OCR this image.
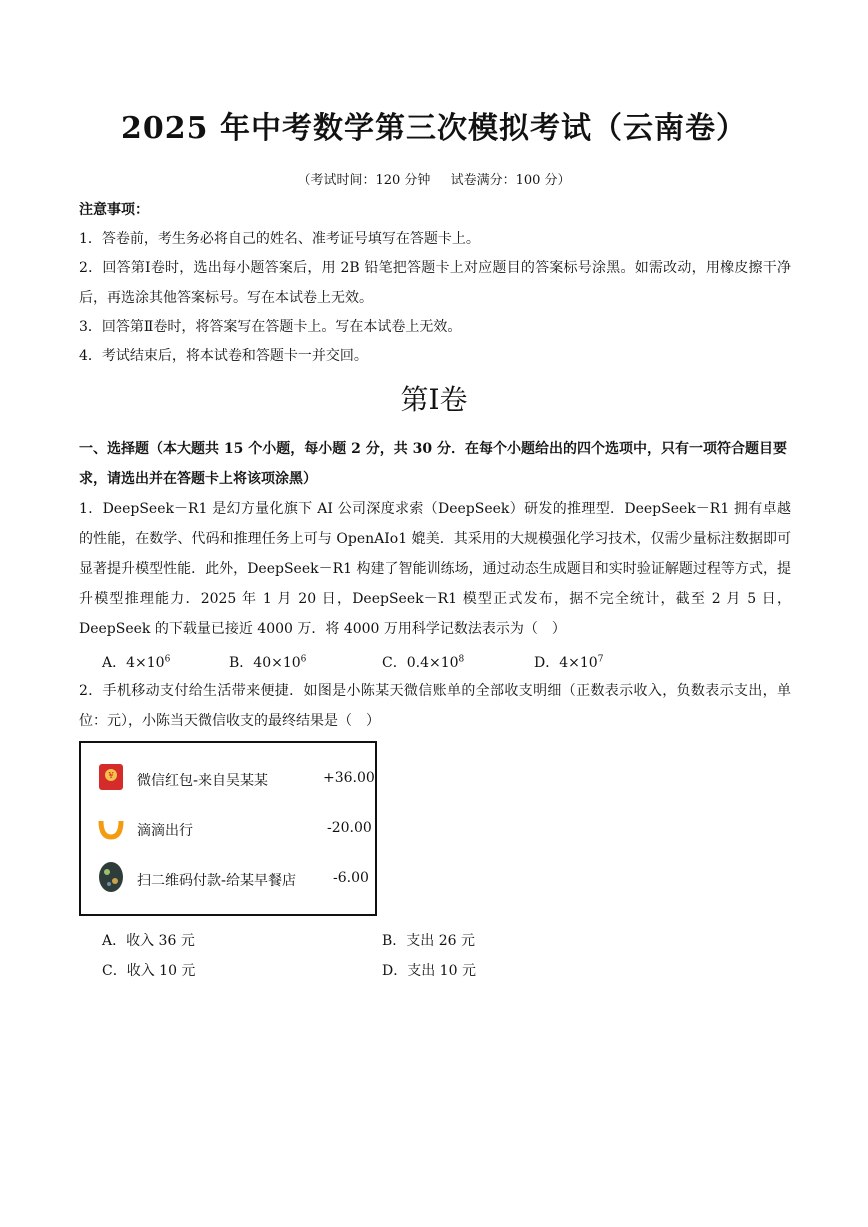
2025 年中考数学第三次模拟考试（云南卷）
（考试时间：120 分钟 试卷满分：100 分）
注意事项：
1．答卷前，考生务必将自己的姓名、准考证号填写在答题卡上。
2．回答第Ⅰ卷时，选出每小题答案后，用 2B 铅笔把答题卡上对应题目的答案标号涂黑。如需改动，用橡皮擦干净后，再选涂其他答案标号。写在本试卷上无效。
3．回答第Ⅱ卷时，将答案写在答题卡上。写在本试卷上无效。
4．考试结束后，将本试卷和答题卡一并交回。
第Ⅰ卷
一、选择题（本大题共 15 个小题，每小题 2 分，共 30 分．在每个小题给出的四个选项中，只有一项符合题目要求，请选出并在答题卡上将该项涂黑）
1．DeepSeek－R1 是幻方量化旗下 AI 公司深度求索（DeepSeek）研发的推理型．DeepSeek－R1 拥有卓越的性能，在数学、代码和推理任务上可与 OpenAIo1 媲美．其采用的大规模强化学习技术，仅需少量标注数据即可显著提升模型性能．此外，DeepSeek－R1 构建了智能训练场，通过动态生成题目和实时验证解题过程等方式，提升模型推理能力．2025 年 1 月 20 日，DeepSeek－R1 模型正式发布，据不完全统计，截至 2 月 5 日，DeepSeek 的下载量已接近 4000 万．将 4000 万用科学记数法表示为（　）
A．$4\times 10^6$	B．$40\times 10^6$	C．$0.4\times 10^8$	D．$4\times 10^7$
2．手机移动支付给生活带来便捷．如图是小陈某天微信账单的全部收支明细（正数表示收入，负数表示支出，单位：元），小陈当天微信收支的最终结果是（　）
¥ 微信红包-来自吴某某	+36.00
滴滴出行	-20.00
扫二维码付款-给某早餐店	-6.00
A．收入 36 元	B．支出 26 元
C．收入 10 元	D．支出 10 元
